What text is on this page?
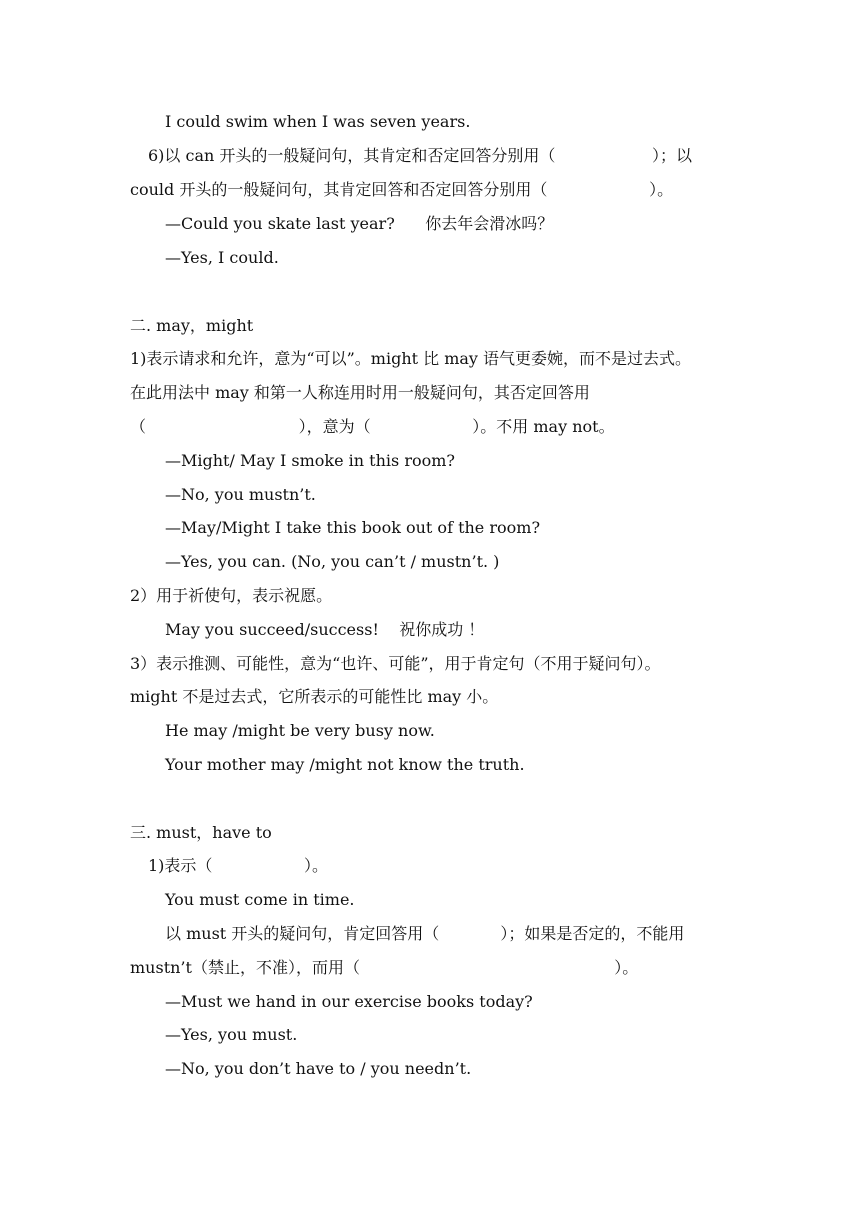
I could swim when I was seven years.
6)以 can 开头的一般疑问句，其肯定和否定回答分别用（                   ）；以
could 开头的一般疑问句，其肯定回答和否定回答分别用（                    ）。
—Could you skate last year?      你去年会滑冰吗？
—Yes, I could.
二. may，might
1)表示请求和允许，意为“可以”。might 比 may 语气更委婉，而不是过去式。
在此用法中 may 和第一人称连用时用一般疑问句，其否定回答用
（                              ），意为（                    ）。不用 may not。
—Might/ May I smoke in this room?
—No, you mustn’t.
—May/Might I take this book out of the room?
—Yes, you can. (No, you can’t / mustn’t. )
2）用于祈使句，表示祝愿。
May you succeed/success!    祝你成功 ！
3）表示推测、可能性，意为“也许、可能”，用于肯定句（不用于疑问句）。
might 不是过去式，它所表示的可能性比 may 小。
He may /might be very busy now.
Your mother may /might not know the truth.
三. must，have to
1)表示（                  ）。
You must come in time.
以 must 开头的疑问句，肯定回答用（            ）；如果是否定的，不能用
mustn’t（禁止，不准），而用（                                                  ）。
—Must we hand in our exercise books today?
—Yes, you must.
—No, you don’t have to / you needn’t.
